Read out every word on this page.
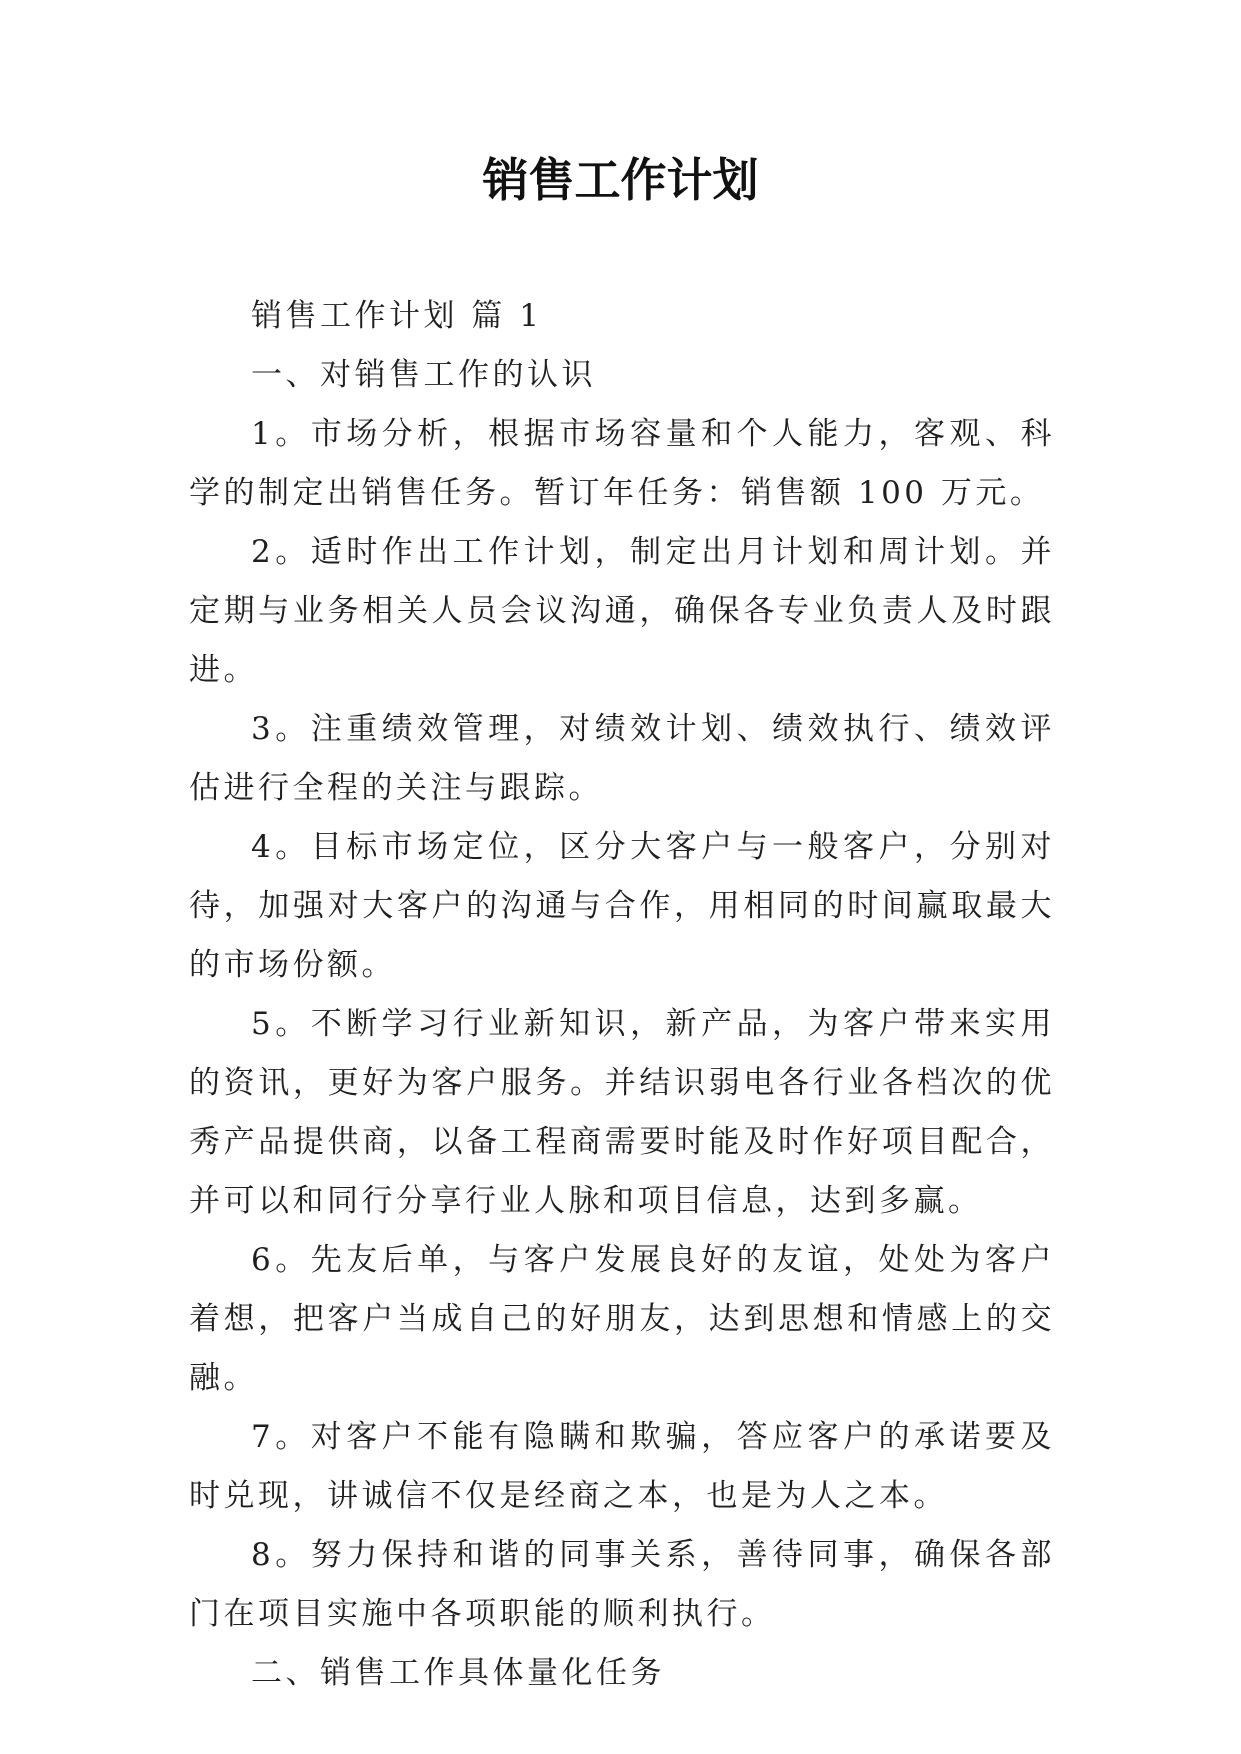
销售工作计划

销售工作计划 篇 1

一、对销售工作的认识

1。市场分析，根据市场容量和个人能力，客观、科学的制定出销售任务。暂订年任务：销售额 100 万元。

2。适时作出工作计划，制定出月计划和周计划。并定期与业务相关人员会议沟通，确保各专业负责人及时跟进。

3。注重绩效管理，对绩效计划、绩效执行、绩效评估进行全程的关注与跟踪。

4。目标市场定位，区分大客户与一般客户，分别对待，加强对大客户的沟通与合作，用相同的时间赢取最大的市场份额。

5。不断学习行业新知识，新产品，为客户带来实用的资讯，更好为客户服务。并结识弱电各行业各档次的优秀产品提供商，以备工程商需要时能及时作好项目配合，并可以和同行分享行业人脉和项目信息，达到多赢。

6。先友后单，与客户发展良好的友谊，处处为客户着想，把客户当成自己的好朋友，达到思想和情感上的交融。

7。对客户不能有隐瞒和欺骗，答应客户的承诺要及时兑现，讲诚信不仅是经商之本，也是为人之本。

8。努力保持和谐的同事关系，善待同事，确保各部门在项目实施中各项职能的顺利执行。

二、销售工作具体量化任务
